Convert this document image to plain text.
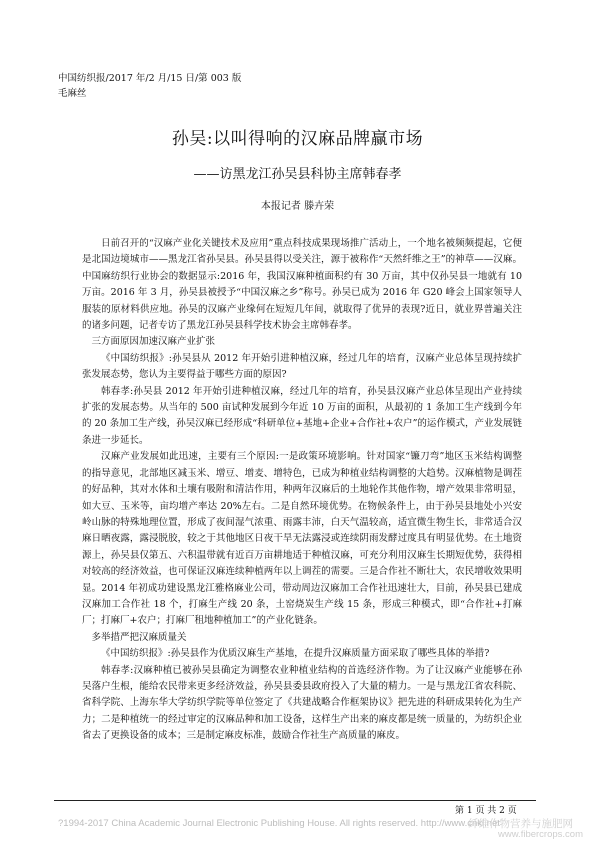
中国纺织报/2017 年/2 月/15 日/第 003 版
毛麻丝
孙吴:以叫得响的汉麻品牌赢市场
——访黑龙江孙吴县科协主席韩春孝
本报记者 滕卉荣

日前召开的“汉麻产业化关键技术及应用”重点科技成果现场推广活动上，一个地名被频频提起，它便是北国边境城市——黑龙江省孙吴县。孙吴县得以受关注，源于被称作“天然纤维之王”的神草——汉麻。中国麻纺织行业协会的数据显示:2016 年，我国汉麻种植面积约有 30 万亩，其中仅孙吴县一地就有 10 万亩。2016 年 3 月，孙吴县被授予“中国汉麻之乡”称号。孙吴已成为 2016 年 G20 峰会上国家领导人服装的原材料供应地。孙吴的汉麻产业缘何在短短几年间，就取得了优异的表现?近日，就业界普遍关注的诸多问题，记者专访了黑龙江孙吴县科学技术协会主席韩春孝。

三方面原因加速汉麻产业扩张

《中国纺织报》:孙吴县从 2012 年开始引进种植汉麻，经过几年的培育，汉麻产业总体呈现持续扩张发展态势，您认为主要得益于哪些方面的原因?

韩春孝:孙吴县 2012 年开始引进种植汉麻，经过几年的培育，孙吴县汉麻产业总体呈现出产业持续扩张的发展态势。从当年的 500 亩试种发展到今年近 10 万亩的面积，从最初的 1 条加工生产线到今年的 20 条加工生产线，孙吴汉麻已经形成“科研单位+基地+企业+合作社+农户”的运作模式，产业发展链条进一步延长。

汉麻产业发展如此迅速，主要有三个原因:一是政策环境影响。针对国家“镰刀弯”地区玉米结构调整的指导意见，北部地区减玉米、增豆、增麦、增特色，已成为种植业结构调整的大趋势。汉麻植物是调茬的好品种，其对水体和土壤有吸附和清洁作用，种两年汉麻后的土地轮作其他作物，增产效果非常明显，如大豆、玉米等，亩均增产率达 20%左右。二是自然环境优势。在物候条件上，由于孙吴县地处小兴安岭山脉的特殊地理位置，形成了夜间湿气浓重、雨露丰沛，白天气温较高，适宜微生物生长，非常适合汉麻日晒夜露，露浸脱胶，较之于其他地区日夜干旱无法露浸或连续阴雨发酵过度具有明显优势。在土地资源上，孙吴县仅第五、六积温带就有近百万亩耕地适于种植汉麻，可充分利用汉麻生长期短优势，获得相对较高的经济效益，也可保证汉麻连续种植两年以上调茬的需要。三是合作社不断壮大，农民增收效果明显。2014 年初成功建设黑龙江雅格麻业公司，带动周边汉麻加工合作社迅速壮大，目前，孙吴县已建成汉麻加工合作社 18 个，打麻生产线 20 条，土窑烧炭生产线 15 条，形成三种模式，即“合作社+打麻厂；打麻厂+农户；打麻厂租地种植加工”的产业化链条。

多举措严把汉麻质量关

《中国纺织报》:孙吴县作为优质汉麻生产基地，在提升汉麻质量方面采取了哪些具体的举措?

韩春孝:汉麻种植已被孙吴县确定为调整农业种植业结构的首选经济作物。为了让汉麻产业能够在孙吴落户生根，能给农民带来更多经济效益，孙吴县委县政府投入了大量的精力。一是与黑龙江省农科院、省科学院、上海东华大学纺织学院等单位签定了《共建战略合作框架协议》把先进的科研成果转化为生产力；二是种植统一的经过审定的汉麻品种和加工设备，这样生产出来的麻皮都是统一质量的，为纺织企业省去了更换设备的成本；三是制定麻皮标准，鼓励合作社生产高质量的麻皮。

第 1 页 共 2 页
?1994-2017 China Academic Journal Electronic Publishing House. All rights reserved. http://www.cnki.net
纤维作物营养与施肥网
www.fibercrops.com
